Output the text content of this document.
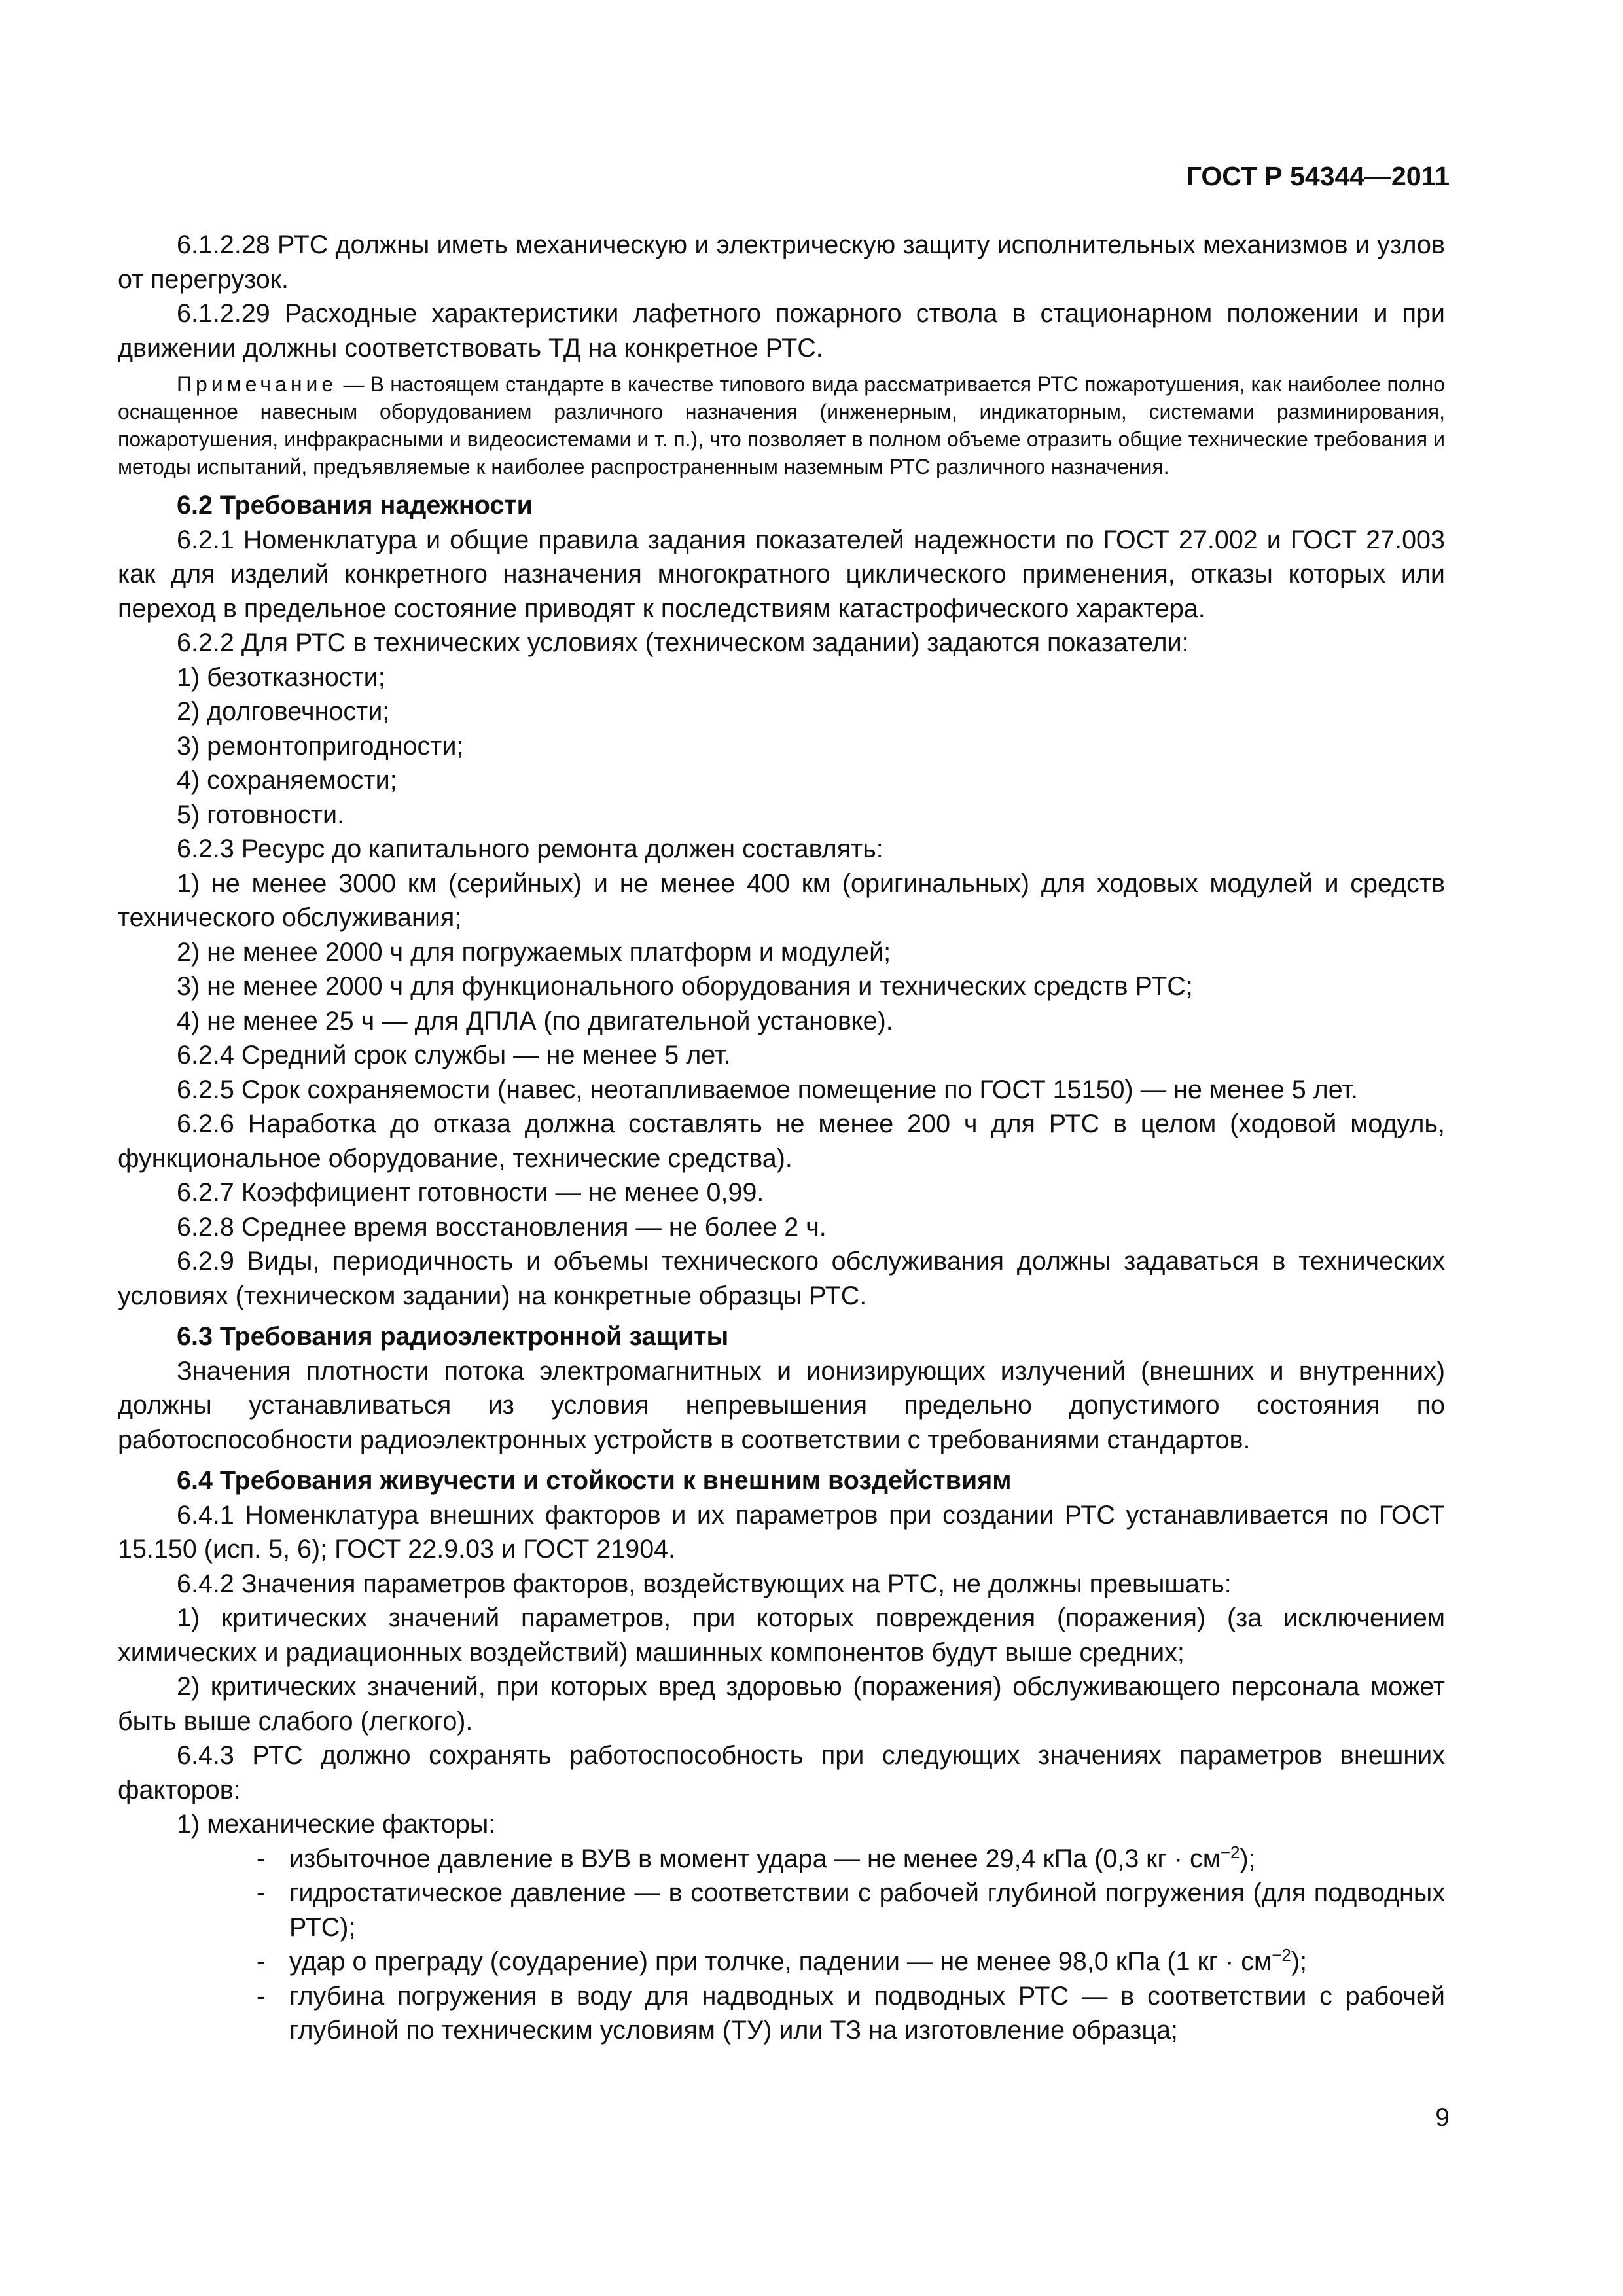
ГОСТ Р 54344—2011

6.1.2.28 РТС должны иметь механическую и электрическую защиту исполнительных механизмов и узлов от перегрузок.

6.1.2.29 Расходные характеристики лафетного пожарного ствола в стационарном положении и при движении должны соответствовать ТД на конкретное РТС.

Примечание — В настоящем стандарте в качестве типового вида рассматривается РТС пожаротушения, как наиболее полно оснащенное навесным оборудованием различного назначения (инженерным, индикаторным, системами разминирования, пожаротушения, инфракрасными и видеосистемами и т. п.), что позволяет в полном объеме отразить общие технические требования и методы испытаний, предъявляемые к наиболее распространенным наземным РТС различного назначения.

6.2 Требования надежности

6.2.1 Номенклатура и общие правила задания показателей надежности по ГОСТ 27.002 и ГОСТ 27.003 как для изделий конкретного назначения многократного циклического применения, отказы которых или переход в предельное состояние приводят к последствиям катастрофического характера.

6.2.2 Для РТС в технических условиях (техническом задании) задаются показатели:

1) безотказности;

2) долговечности;

3) ремонтопригодности;

4) сохраняемости;

5) готовности.

6.2.3 Ресурс до капитального ремонта должен составлять:

1) не менее 3000 км (серийных) и не менее 400 км (оригинальных) для ходовых модулей и средств технического обслуживания;

2) не менее 2000 ч для погружаемых платформ и модулей;

3) не менее 2000 ч для функционального оборудования и технических средств РТС;

4) не менее 25 ч — для ДПЛА (по двигательной установке).

6.2.4 Средний срок службы — не менее 5 лет.

6.2.5 Срок сохраняемости (навес, неотапливаемое помещение по ГОСТ 15150) — не менее 5 лет.

6.2.6 Наработка до отказа должна составлять не менее 200 ч для РТС в целом (ходовой модуль, функциональное оборудование, технические средства).

6.2.7 Коэффициент готовности — не менее 0,99.

6.2.8 Среднее время восстановления — не более 2 ч.

6.2.9 Виды, периодичность и объемы технического обслуживания должны задаваться в технических условиях (техническом задании) на конкретные образцы РТС.

6.3 Требования радиоэлектронной защиты

Значения плотности потока электромагнитных и ионизирующих излучений (внешних и внутренних) должны устанавливаться из условия непревышения предельно допустимого состояния по работоспособности радиоэлектронных устройств в соответствии с требованиями стандартов.

6.4 Требования живучести и стойкости к внешним воздействиям

6.4.1 Номенклатура внешних факторов и их параметров при создании РТС устанавливается по ГОСТ 15.150 (исп. 5, 6); ГОСТ 22.9.03 и ГОСТ 21904.

6.4.2 Значения параметров факторов, воздействующих на РТС, не должны превышать:

1) критических значений параметров, при которых повреждения (поражения) (за исключением химических и радиационных воздействий) машинных компонентов будут выше средних;

2) критических значений, при которых вред здоровью (поражения) обслуживающего персонала может быть выше слабого (легкого).

6.4.3 РТС должно сохранять работоспособность при следующих значениях параметров внешних факторов:

1) механические факторы:

- избыточное давление в ВУВ в момент удара — не менее 29,4 кПа (0,3 кг · $см^{-2}$);

- гидростатическое давление — в соответствии с рабочей глубиной погружения (для подводных РТС);

- удар о преграду (соударение) при толчке, падении — не менее 98,0 кПа (1 кг · $см^{-2}$);

- глубина погружения в воду для надводных и подводных РТС — в соответствии с рабочей глубиной по техническим условиям (ТУ) или ТЗ на изготовление образца;

9
